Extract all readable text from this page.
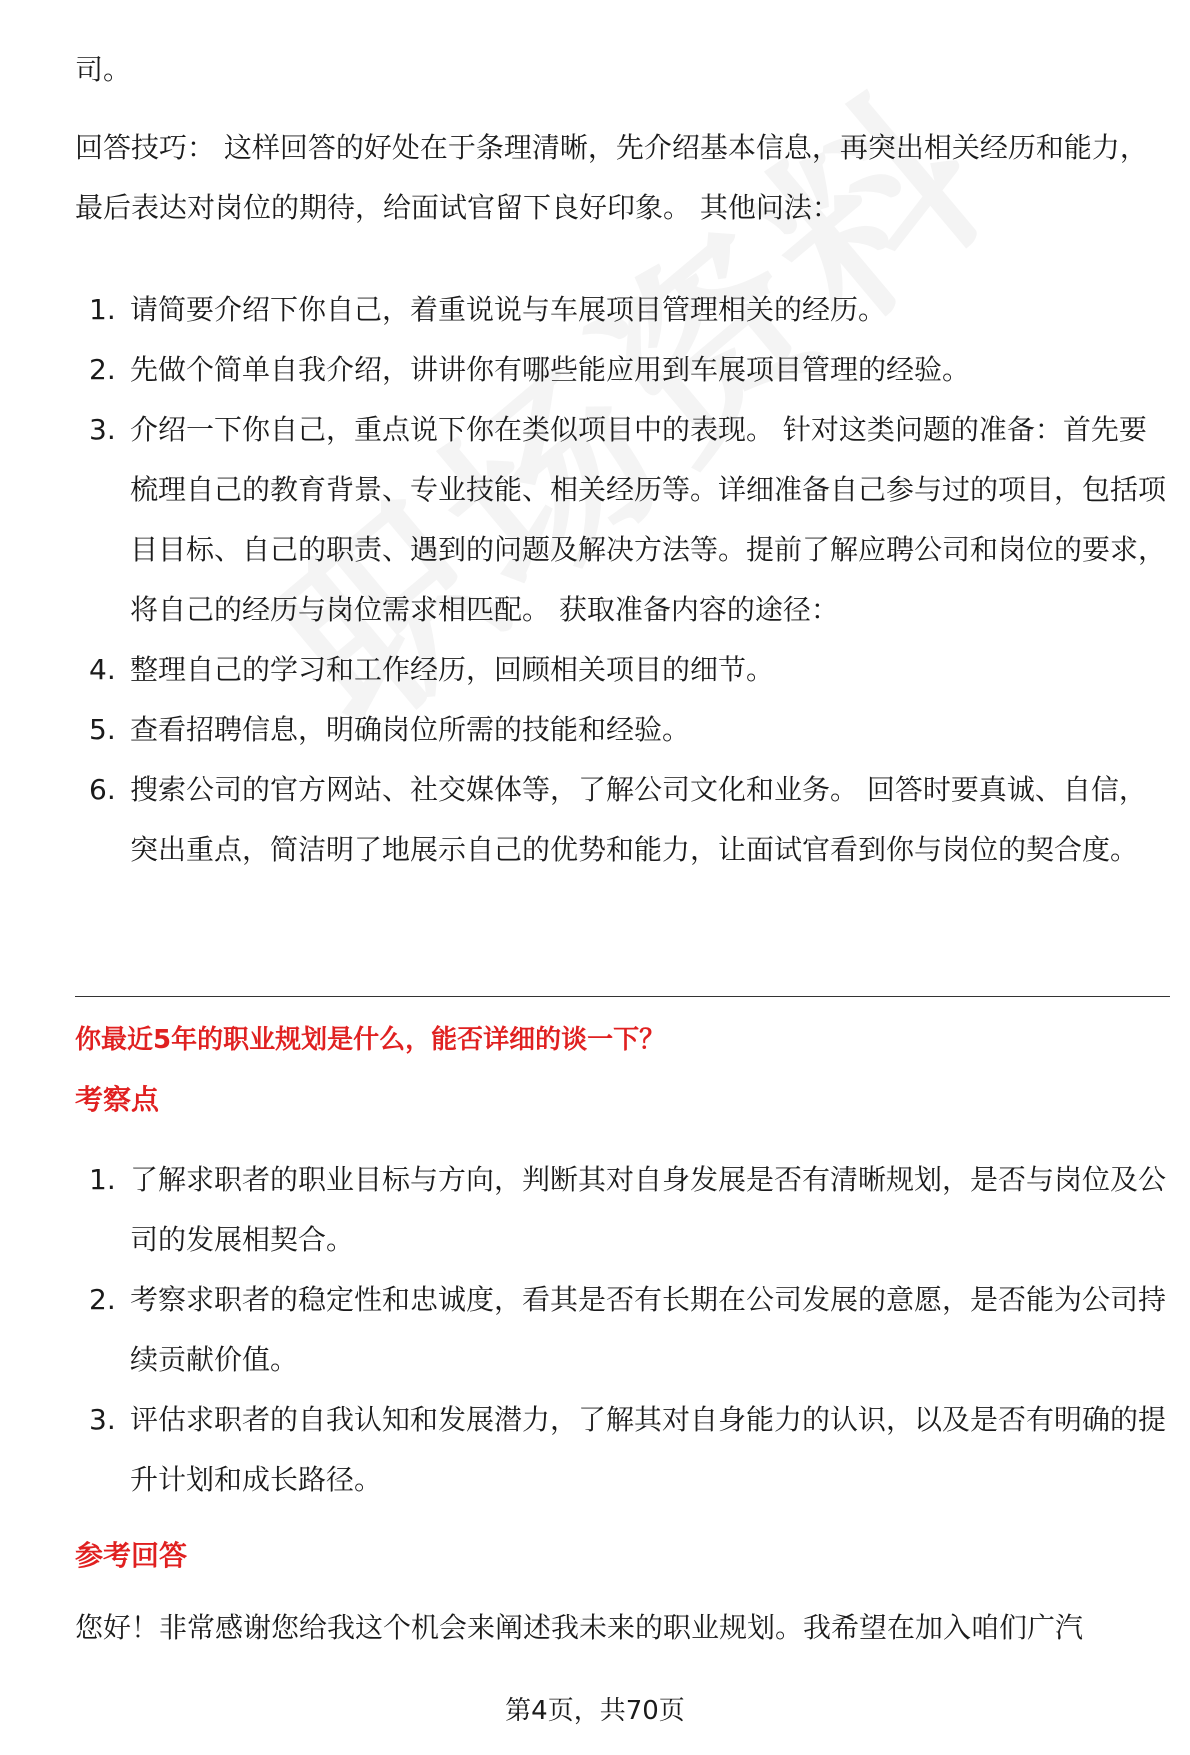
司。

回答技巧： 这样回答的好处在于条理清晰，先介绍基本信息，再突出相关经历和能力，最后表达对岗位的期待，给面试官留下良好印象。 其他问法：

1. 请简要介绍下你自己，着重说说与车展项目管理相关的经历。
2. 先做个简单自我介绍，讲讲你有哪些能应用到车展项目管理的经验。
3. 介绍一下你自己，重点说下你在类似项目中的表现。 针对这类问题的准备：首先要梳理自己的教育背景、专业技能、相关经历等。详细准备自己参与过的项目，包括项目目标、自己的职责、遇到的问题及解决方法等。提前了解应聘公司和岗位的要求，将自己的经历与岗位需求相匹配。 获取准备内容的途径：
4. 整理自己的学习和工作经历，回顾相关项目的细节。
5. 查看招聘信息，明确岗位所需的技能和经验。
6. 搜索公司的官方网站、社交媒体等，了解公司文化和业务。 回答时要真诚、自信，突出重点，简洁明了地展示自己的优势和能力，让面试官看到你与岗位的契合度。
你最近5年的职业规划是什么，能否详细的谈一下？
考察点
1. 了解求职者的职业目标与方向，判断其对自身发展是否有清晰规划，是否与岗位及公司的发展相契合。
2. 考察求职者的稳定性和忠诚度，看其是否有长期在公司发展的意愿，是否能为公司持续贡献价值。
3. 评估求职者的自我认知和发展潜力，了解其对自身能力的认识，以及是否有明确的提升计划和成长路径。
参考回答

您好！非常感谢您给我这个机会来阐述我未来的职业规划。我希望在加入咱们广汽

第4页，共70页
